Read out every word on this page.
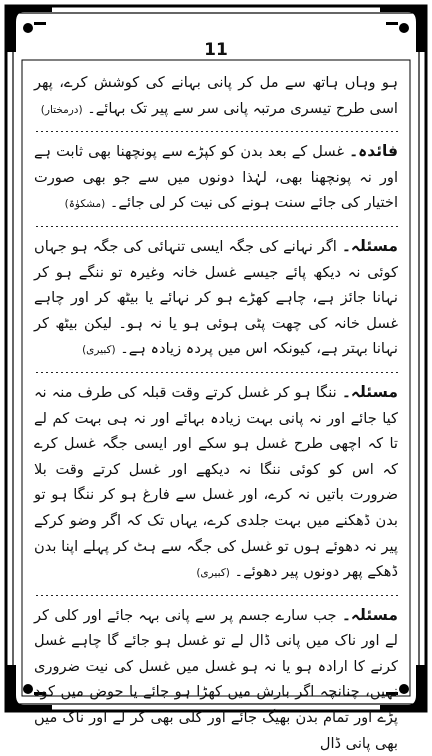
11

ہو وہاں ہاتھ سے مل کر پانی بہانے کی کوشش کرے، پھر اسی طرح تیسری مرتبہ پانی سر سے پیر تک بہائے۔ (درمختار)

فائدہ۔ غسل کے بعد بدن کو کپڑے سے پونچھنا بھی ثابت ہے اور نہ پونچھنا بھی، لہٰذا دونوں میں سے جو بھی صورت اختیار کی جائے سنت ہونے کی نیت کر لی جائے۔ (مشکوٰۃ)

مسئلہ۔ اگر نہانے کی جگہ ایسی تنہائی کی جگہ ہو جہاں کوئی نہ دیکھ پائے جیسے غسل خانہ وغیرہ تو ننگے ہو کر نہانا جائز ہے، چاہے کھڑے ہو کر نہائے یا بیٹھ کر اور چاہے غسل خانہ کی چھت پٹی ہوئی ہو یا نہ ہو۔ لیکن بیٹھ کر نہانا بہتر ہے، کیونکہ اس میں پردہ زیادہ ہے۔ (کبیری)

مسئلہ۔ ننگا ہو کر غسل کرتے وقت قبلہ کی طرف منہ نہ کیا جائے اور نہ پانی بہت زیادہ بہائے اور نہ ہی بہت کم لے تا کہ اچھی طرح غسل ہو سکے اور ایسی جگہ غسل کرے کہ اس کو کوئی ننگا نہ دیکھے اور غسل کرتے وقت بلا ضرورت باتیں نہ کرے، اور غسل سے فارغ ہو کر ننگا ہو تو بدن ڈھکنے میں بہت جلدی کرے، یہاں تک کہ اگر وضو کرکے پیر نہ دھوئے ہوں تو غسل کی جگہ سے ہٹ کر پہلے اپنا بدن ڈھکے پھر دونوں پیر دھوئے۔ (کبیری)

مسئلہ۔ جب سارے جسم پر سے پانی بہہ جائے اور کلی کر لے اور ناک میں پانی ڈال لے تو غسل ہو جائے گا چاہے غسل کرنے کا ارادہ ہو یا نہ ہو غسل میں غسل کی نیت ضروری نہیں، چنانچہ اگر بارش میں کھڑا ہو جائے یا حوض میں کود پڑے اور تمام بدن بھیگ جائے اور کلی بھی کر لے اور ناک میں بھی پانی ڈال
